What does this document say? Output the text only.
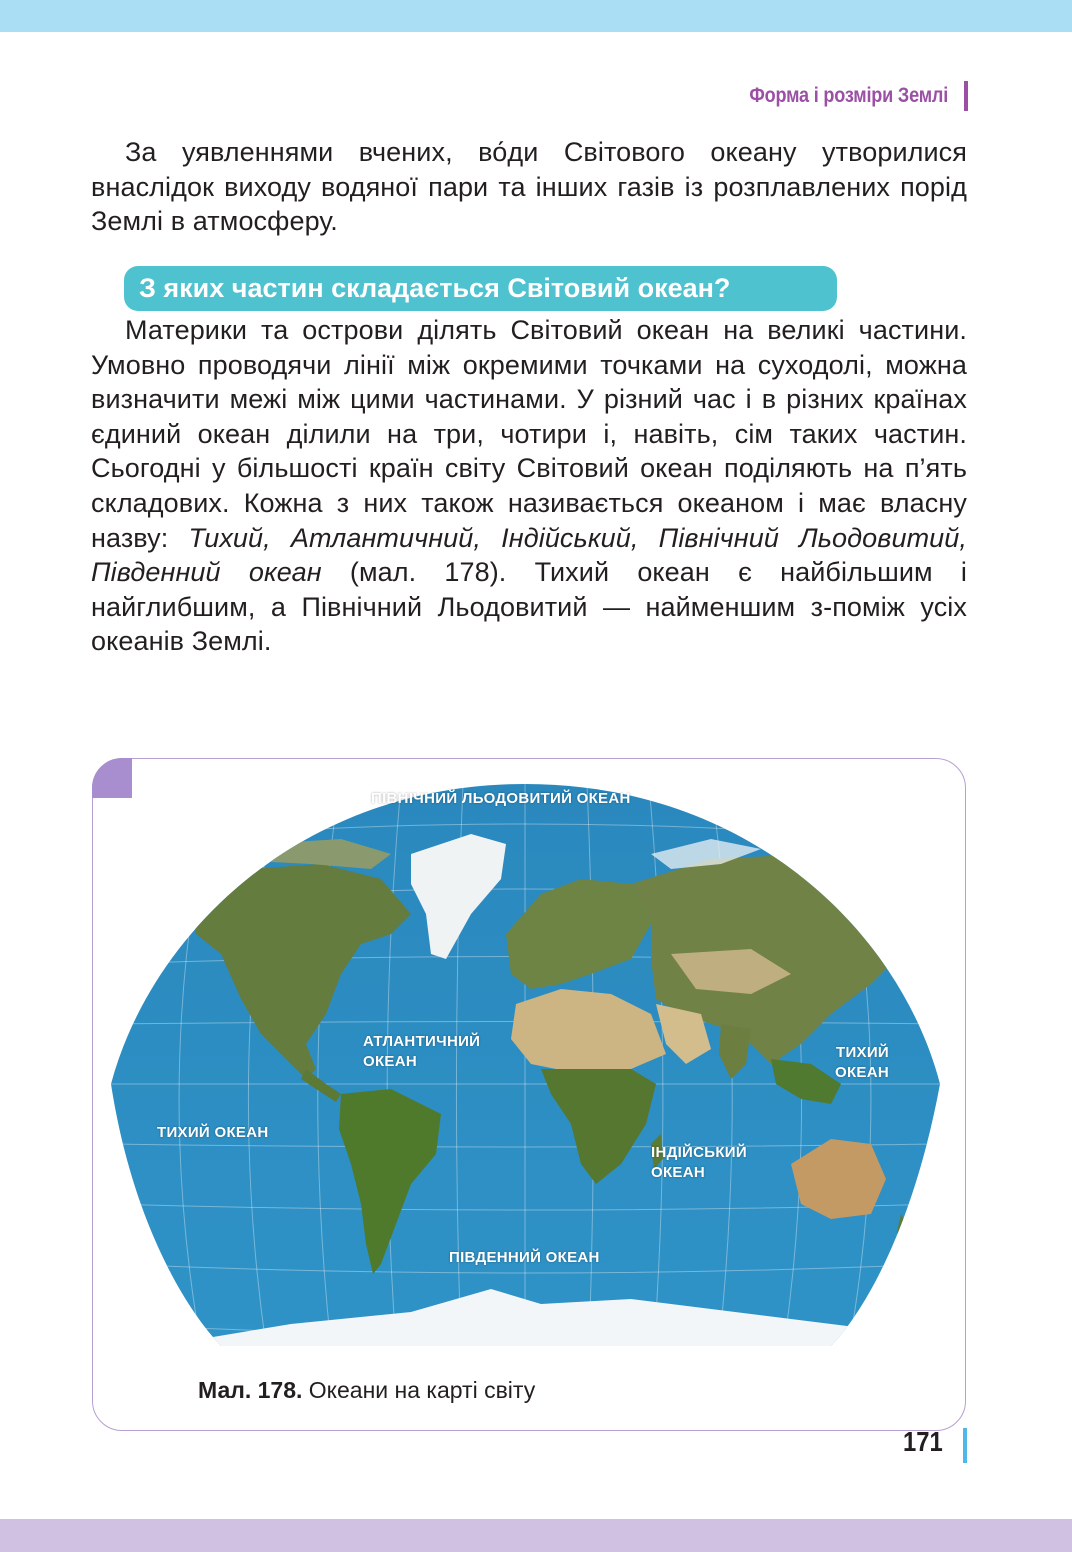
Форма і розміри Землі

За уявленнями вчених, во́ди Світового океану утворилися внаслідок виходу водяної пари та інших газів із розплавлених порід Землі в атмосферу.

З яких частин складається Світовий океан?

Материки та острови ділять Світовий океан на великі частини. Умовно проводячи лінії між окремими точками на суходолі, можна визначити межі між цими частинами. У різний час і в різних країнах єдиний океан ділили на три, чотири і, навіть, сім таких частин. Сьогодні у більшості країн світу Світовий океан поділяють на п’ять складових. Кожна з них також називається океаном і має власну назву: Тихий, Атлантичний, Індійський, Північний Льодовитий, Південний океан (мал. 178). Тихий океан є найбільшим і найглибшим, а Північний Льодовитий — найменшим з-поміж усіх океанів Землі.

ПІВНІЧНИЙ ЛЬОДОВИТИЙ ОКЕАН
АТЛАНТИЧНИЙ
ОКЕАН
ТИХИЙ
ОКЕАН
ТИХИЙ ОКЕАН
ІНДІЙСЬКИЙ
ОКЕАН
ПІВДЕННИЙ ОКЕАН
Мал. 178. Океани на карті світу
171
